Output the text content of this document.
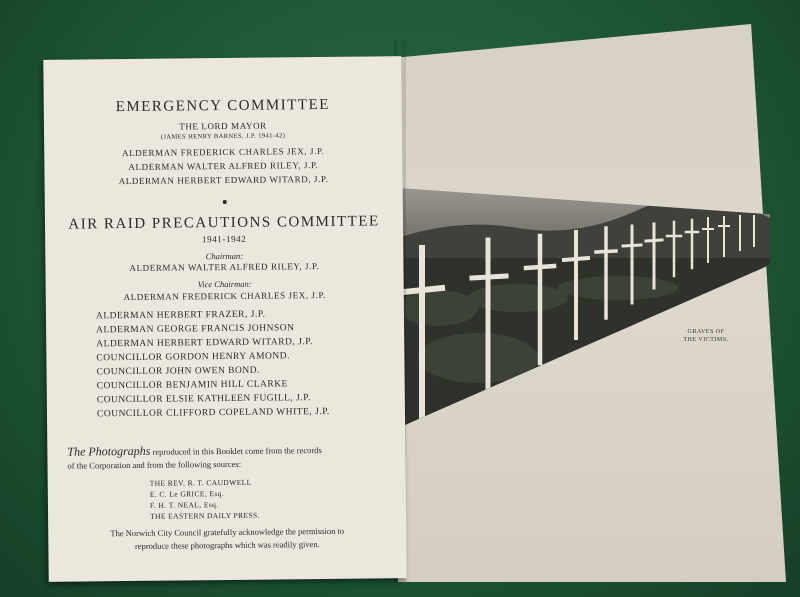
GRAVES OF
THE VICTIMS.
EMERGENCY COMMITTEE
THE LORD MAYOR
(JAMES HENRY BARNES, J.P. 1941-42)
ALDERMAN FREDERICK CHARLES JEX, J.P.
ALDERMAN WALTER ALFRED RILEY, J.P.
ALDERMAN HERBERT EDWARD WITARD, J.P.
AIR RAID PRECAUTIONS COMMITTEE
1941-1942
Chairman:
ALDERMAN WALTER ALFRED RILEY, J.P.
Vice Chairman:
ALDERMAN FREDERICK CHARLES JEX, J.P.
ALDERMAN HERBERT FRAZER, J.P.
ALDERMAN GEORGE FRANCIS JOHNSON
ALDERMAN HERBERT EDWARD WITARD, J.P.
COUNCILLOR GORDON HENRY AMOND.
COUNCILLOR JOHN OWEN BOND.
COUNCILLOR BENJAMIN HILL CLARKE
COUNCILLOR ELSIE KATHLEEN FUGILL, J.P.
COUNCILLOR CLIFFORD COPELAND WHITE, J.P.
The Photographs reproduced in this Booklet come from the records
of the Corporation and from the following sources:
THE REV. R. T. CAUDWELL
E. C. Le GRICE, Esq.
F. H. T. NEAL, Esq.
THE EASTERN DAILY PRESS.
The Norwich City Council gratefully acknowledge the permission to
reproduce these photographs which was readily given.
